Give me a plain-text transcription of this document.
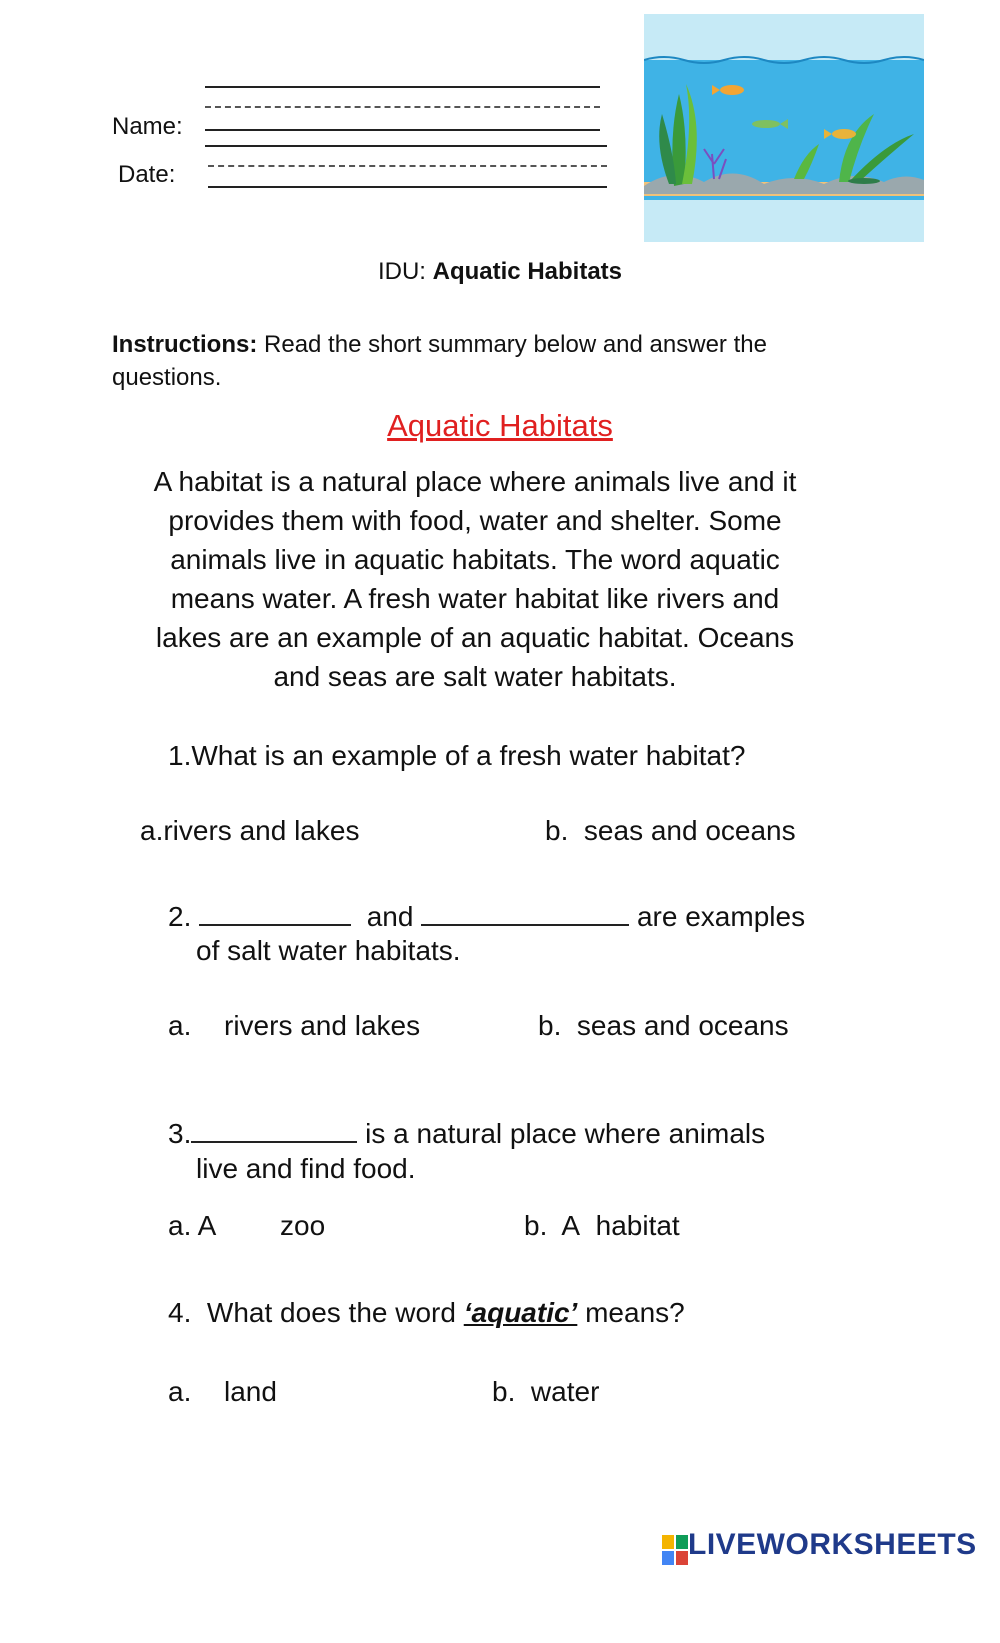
Name:
Date:
IDU: Aquatic Habitats
Instructions: Read the short summary below and answer the
questions.
Aquatic Habitats
A habitat is a natural place where animals live and it
provides them with food, water and shelter. Some
animals live in aquatic habitats. The word aquatic
means water. A fresh water habitat like rivers and
lakes are an example of an aquatic habitat. Oceans
and seas are salt water habitats.
1.What is an example of a fresh water habitat?
a.rivers and lakes	b. seas and oceans
2.	and	are examples
of salt water habitats.
a. rivers and lakes	b. seas and oceans
3.	is a natural place where animals
live and find food.
a. A zoo	b. A habitat
4. What does the word ‘aquatic’ means?
a. land	b. water
LIVEWORKSHEETS
